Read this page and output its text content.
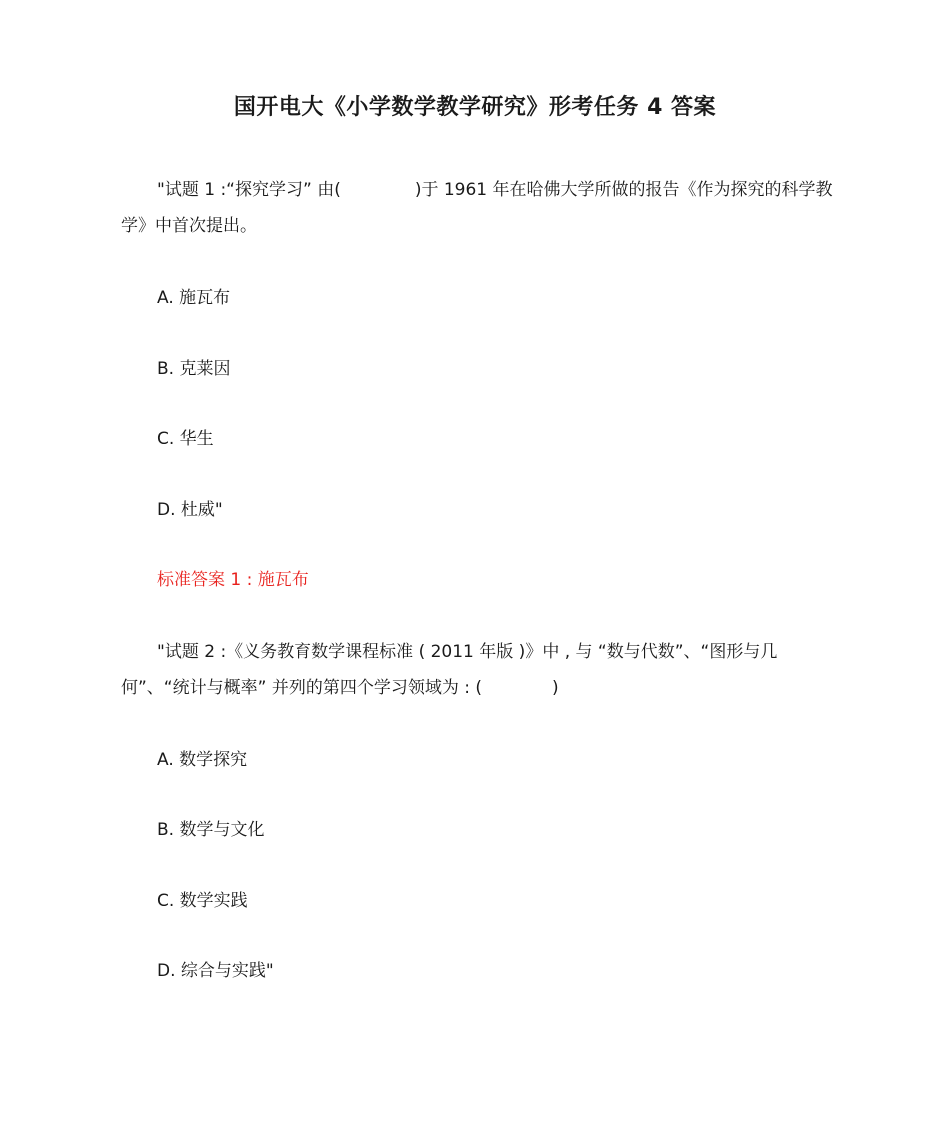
国开电大《小学数学教学研究》形考任务 4 答案

"试题 1 :“探究学习” 由(	)于 1961 年在哈佛大学所做的报告《作为探究的科学教学》中首次提出。

A. 施瓦布

B. 克莱因

C. 华生

D. 杜威"

标准答案 1 : 施瓦布

"试题 2 :《义务教育数学课程标准 ( 2011 年版 )》中 , 与 “数与代数”、“图形与几何”、“统计与概率” 并列的第四个学习领域为 : (	)

A. 数学探究

B. 数学与文化

C. 数学实践

D. 综合与实践"
